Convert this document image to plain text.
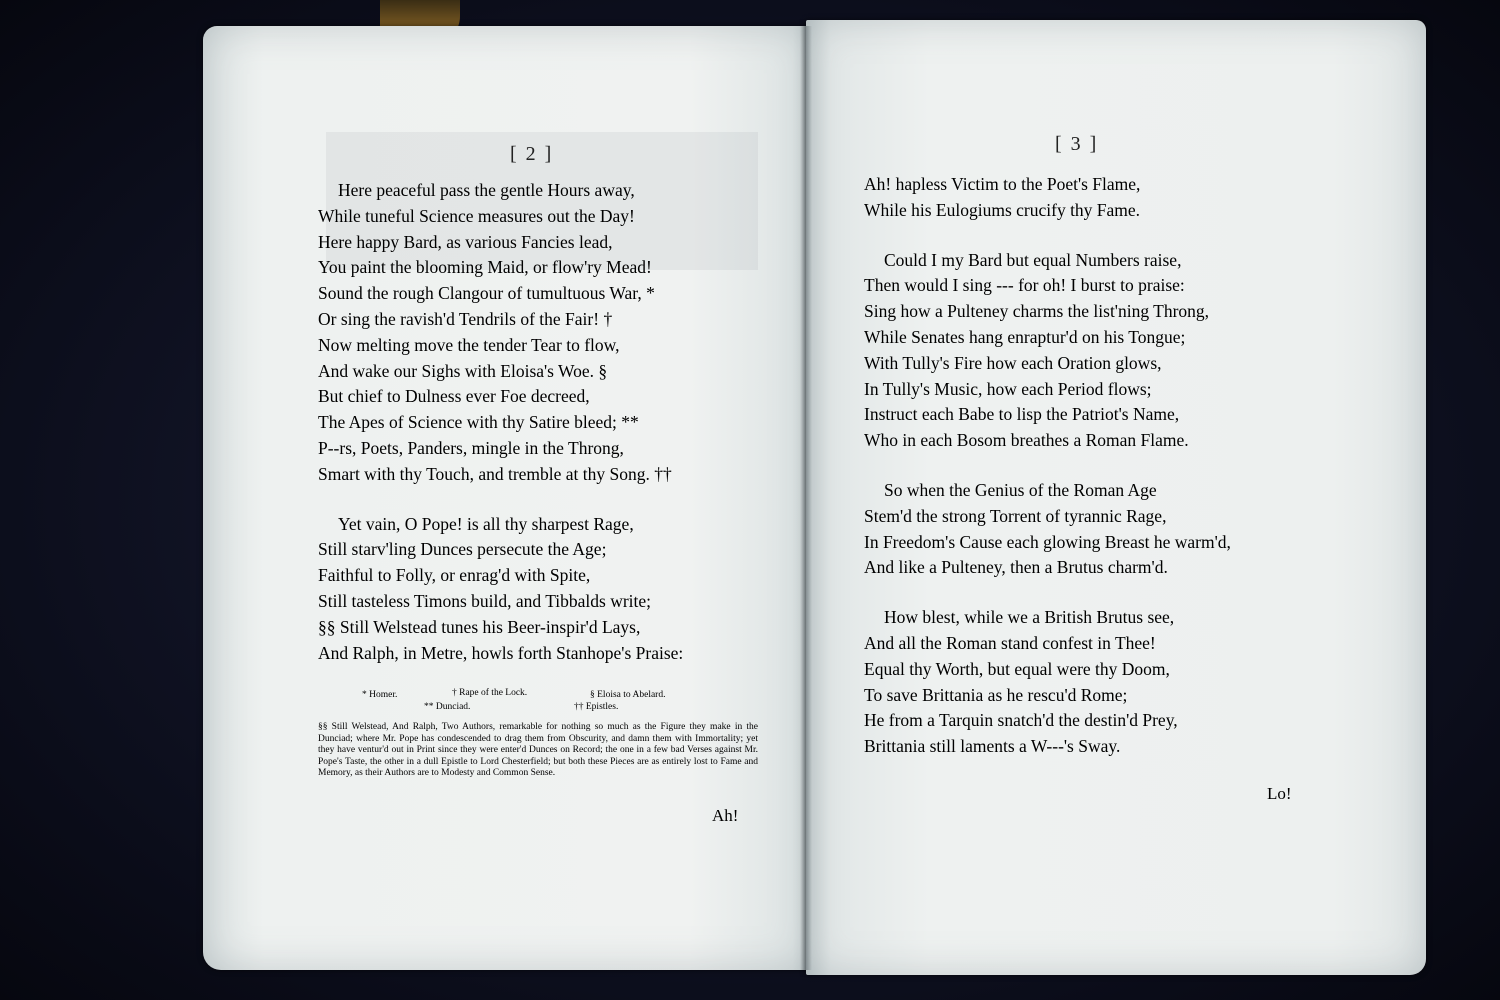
[ 2 ]
Here peaceful pass the gentle Hours away,
While tuneful Science measures out the Day!
Here happy Bard, as various Fancies lead,
You paint the blooming Maid, or flow'ry Mead!
Sound the rough Clangour of tumultuous War, *
Or sing the ravish'd Tendrils of the Fair! †
Now melting move the tender Tear to flow,
And wake our Sighs with Eloisa's Woe. §
But chief to Dulness ever Foe decreed,
The Apes of Science with thy Satire bleed; **
P--rs, Poets, Panders, mingle in the Throng,
Smart with thy Touch, and tremble at thy Song. ††
Yet vain, O Pope! is all thy sharpest Rage,
Still starv'ling Dunces persecute the Age;
Faithful to Folly, or enrag'd with Spite,
Still tasteless Timons build, and Tibbalds write;
§§ Still Welstead tunes his Beer-inspir'd Lays,
And Ralph, in Metre, howls forth Stanhope's Praise:
* Homer.	† Rape of the Lock.	§ Eloisa to Abelard.
** Dunciad.	†† Epistles.
§§ Still Welstead, And Ralph, Two Authors, remarkable for nothing so much as the Figure they make in the Dunciad; where Mr. Pope has condescended to drag them from Obscurity, and damn them with Immortality; yet they have ventur'd out in Print since they were enter'd Dunces on Record; the one in a few bad Verses against Mr. Pope's Taste, the other in a dull Epistle to Lord Chesterfield; but both these Pieces are as entirely lost to Fame and Memory, as their Authors are to Modesty and Common Sense.
Ah!
[ 3 ]
Ah! hapless Victim to the Poet's Flame,
While his Eulogiums crucify thy Fame.
Could I my Bard but equal Numbers raise,
Then would I sing --- for oh! I burst to praise:
Sing how a Pulteney charms the list'ning Throng,
While Senates hang enraptur'd on his Tongue;
With Tully's Fire how each Oration glows,
In Tully's Music, how each Period flows;
Instruct each Babe to lisp the Patriot's Name,
Who in each Bosom breathes a Roman Flame.
So when the Genius of the Roman Age
Stem'd the strong Torrent of tyrannic Rage,
In Freedom's Cause each glowing Breast he warm'd,
And like a Pulteney, then a Brutus charm'd.
How blest, while we a British Brutus see,
And all the Roman stand confest in Thee!
Equal thy Worth, but equal were thy Doom,
To save Brittania as he rescu'd Rome;
He from a Tarquin snatch'd the destin'd Prey,
Brittania still laments a W---'s Sway.
Lo!
